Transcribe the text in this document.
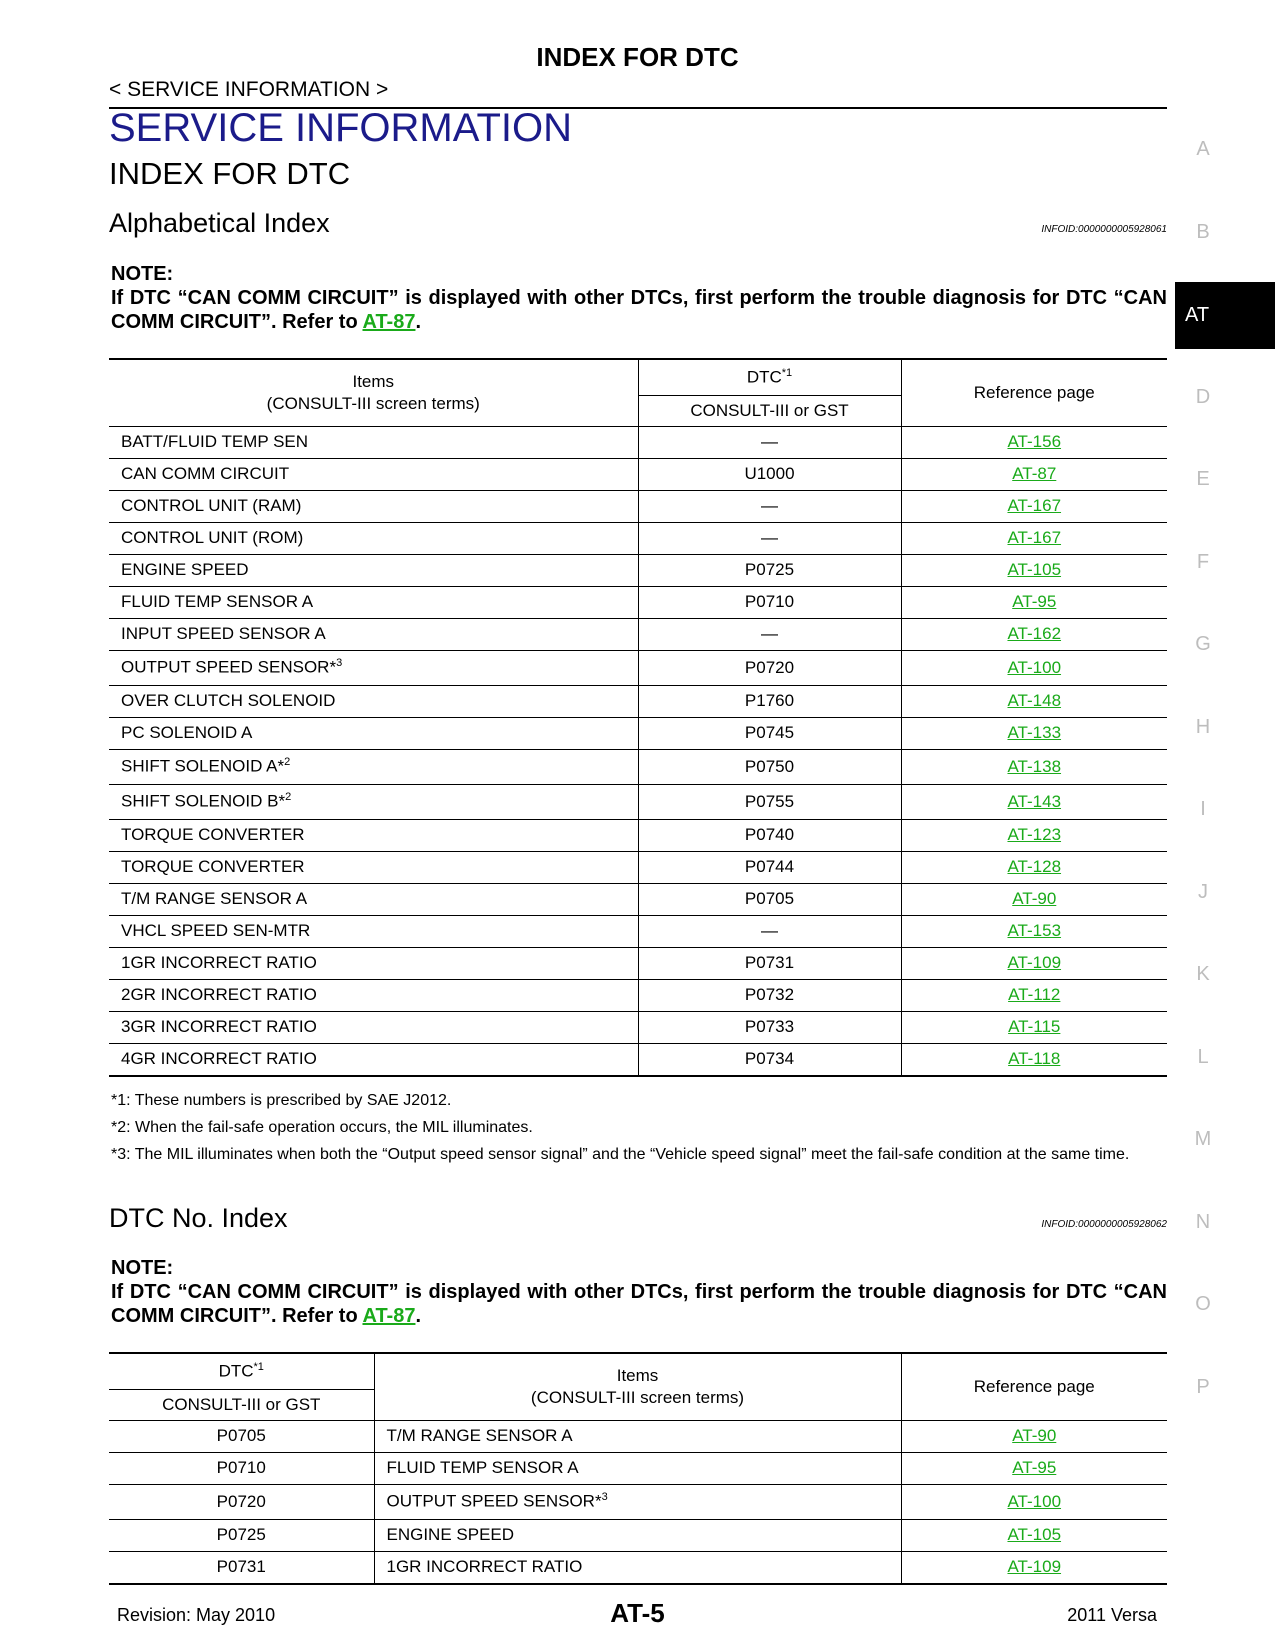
INDEX FOR DTC
< SERVICE INFORMATION >
SERVICE INFORMATION
INDEX FOR DTC
Alphabetical Index	INFOID:0000000005928061
NOTE:
If DTC “CAN COMM CIRCUIT” is displayed with other DTCs, first perform the trouble diagnosis for DTC “CAN COMM CIRCUIT”. Refer to AT-87.
Items
(CONSULT-III screen terms)	DTC$^{*1}$	Reference page
	CONSULT-III or GST	
BATT/FLUID TEMP SEN	—	AT-156
CAN COMM CIRCUIT	U1000	AT-87
CONTROL UNIT (RAM)	—	AT-167
CONTROL UNIT (ROM)	—	AT-167
ENGINE SPEED	P0725	AT-105
FLUID TEMP SENSOR A	P0710	AT-95
INPUT SPEED SENSOR A	—	AT-162
OUTPUT SPEED SENSOR*$^3$	P0720	AT-100
OVER CLUTCH SOLENOID	P1760	AT-148
PC SOLENOID A	P0745	AT-133
SHIFT SOLENOID A*$^2$	P0750	AT-138
SHIFT SOLENOID B*$^2$	P0755	AT-143
TORQUE CONVERTER	P0740	AT-123
TORQUE CONVERTER	P0744	AT-128
T/M RANGE SENSOR A	P0705	AT-90
VHCL SPEED SEN-MTR	—	AT-153
1GR INCORRECT RATIO	P0731	AT-109
2GR INCORRECT RATIO	P0732	AT-112
3GR INCORRECT RATIO	P0733	AT-115
4GR INCORRECT RATIO	P0734	AT-118
*1: These numbers is prescribed by SAE J2012.
*2: When the fail-safe operation occurs, the MIL illuminates.
*3: The MIL illuminates when both the “Output speed sensor signal” and the “Vehicle speed signal” meet the fail-safe condition at the same time.
DTC No. Index	INFOID:0000000005928062
NOTE:
If DTC “CAN COMM CIRCUIT” is displayed with other DTCs, first perform the trouble diagnosis for DTC “CAN COMM CIRCUIT”. Refer to AT-87.
DTC$^{*1}$	Items
(CONSULT-III screen terms)	Reference page
CONSULT-III or GST		
P0705	T/M RANGE SENSOR A	AT-90
P0710	FLUID TEMP SENSOR A	AT-95
P0720	OUTPUT SPEED SENSOR*$^3$	AT-100
P0725	ENGINE SPEED	AT-105
P0731	1GR INCORRECT RATIO	AT-109
A
B
AT
D
E
F
G
H
I
J
K
L
M
N
O
P
Revision: May 2010	AT-5	2011 Versa
